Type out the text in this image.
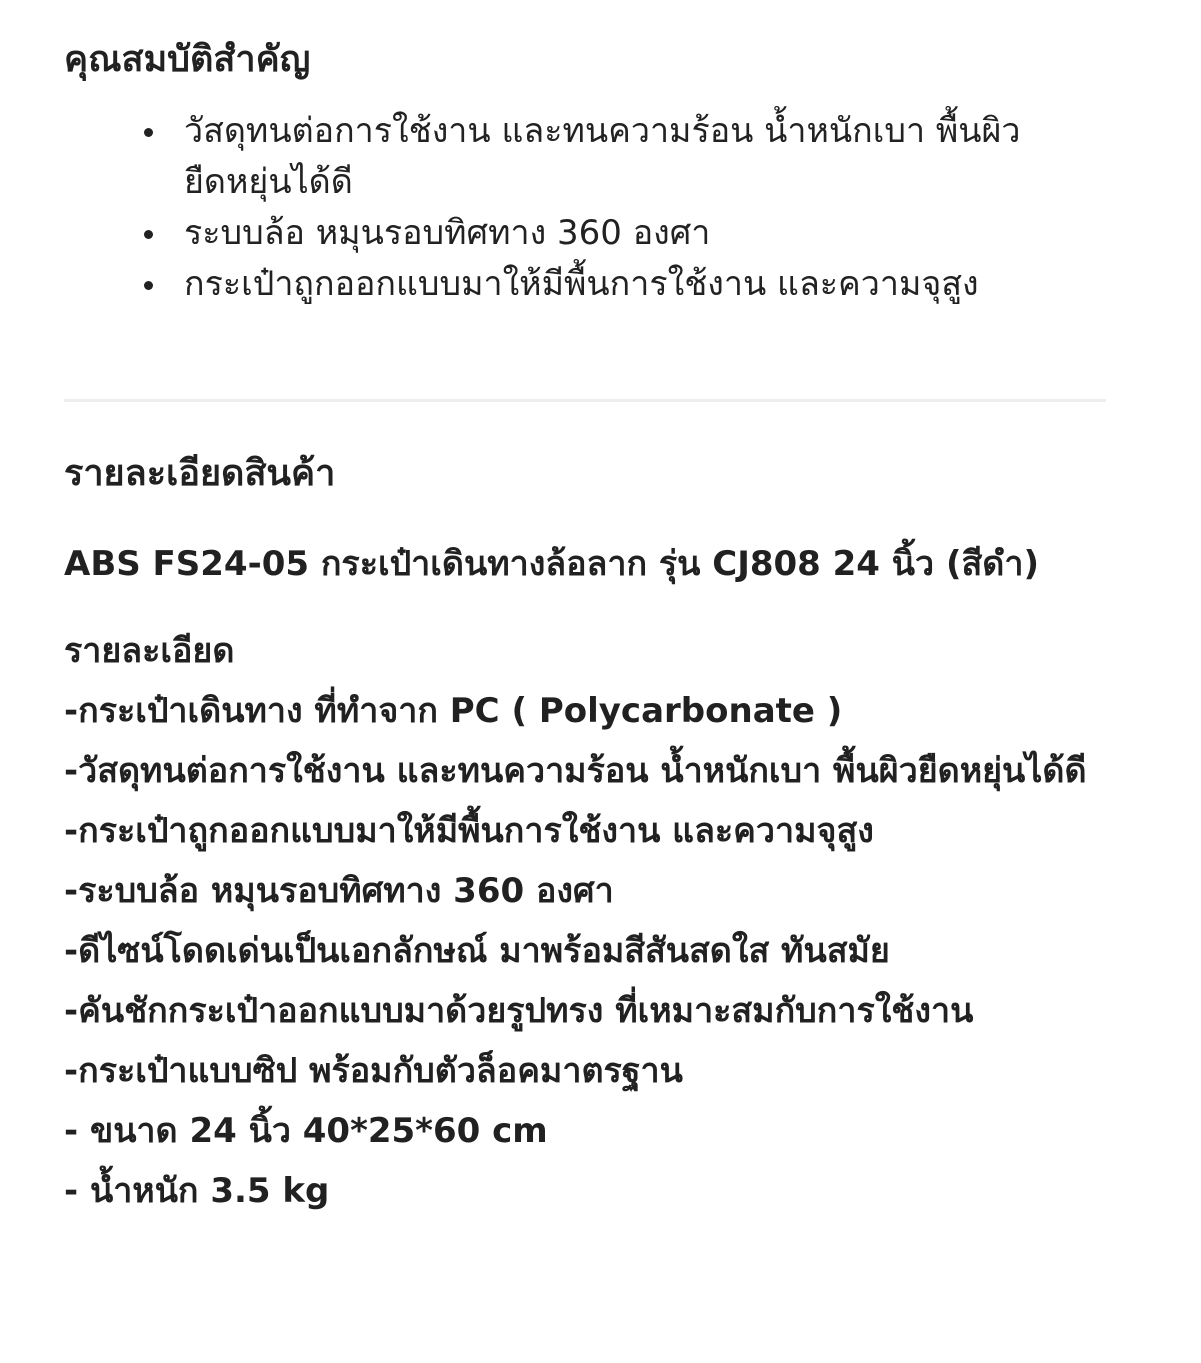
คุณสมบัติสำคัญ
วัสดุทนต่อการใช้งาน และทนความร้อน น้ำหนักเบา พื้นผิวยืดหยุ่นได้ดี
ระบบล้อ หมุนรอบทิศทาง 360 องศา
กระเป๋าถูกออกแบบมาให้มีพื้นการใช้งาน และความจุสูง
รายละเอียดสินค้า
ABS FS24-05 กระเป๋าเดินทางล้อลาก รุ่น CJ808 24 นิ้ว (สีดำ)
รายละเอียด
-กระเป๋าเดินทาง ที่ทำจาก PC ( Polycarbonate )
-วัสดุทนต่อการใช้งาน และทนความร้อน น้ำหนักเบา พื้นผิวยืดหยุ่นได้ดี
-กระเป๋าถูกออกแบบมาให้มีพื้นการใช้งาน และความจุสูง
-ระบบล้อ หมุนรอบทิศทาง 360 องศา
-ดีไซน์โดดเด่นเป็นเอกลักษณ์ มาพร้อมสีสันสดใส ทันสมัย
-คันชักกระเป๋าออกแบบมาด้วยรูปทรง ที่เหมาะสมกับการใช้งาน
-กระเป๋าแบบซิป พร้อมกับตัวล็อคมาตรฐาน
- ขนาด 24 นิ้ว 40*25*60 cm
- น้ำหนัก 3.5 kg
